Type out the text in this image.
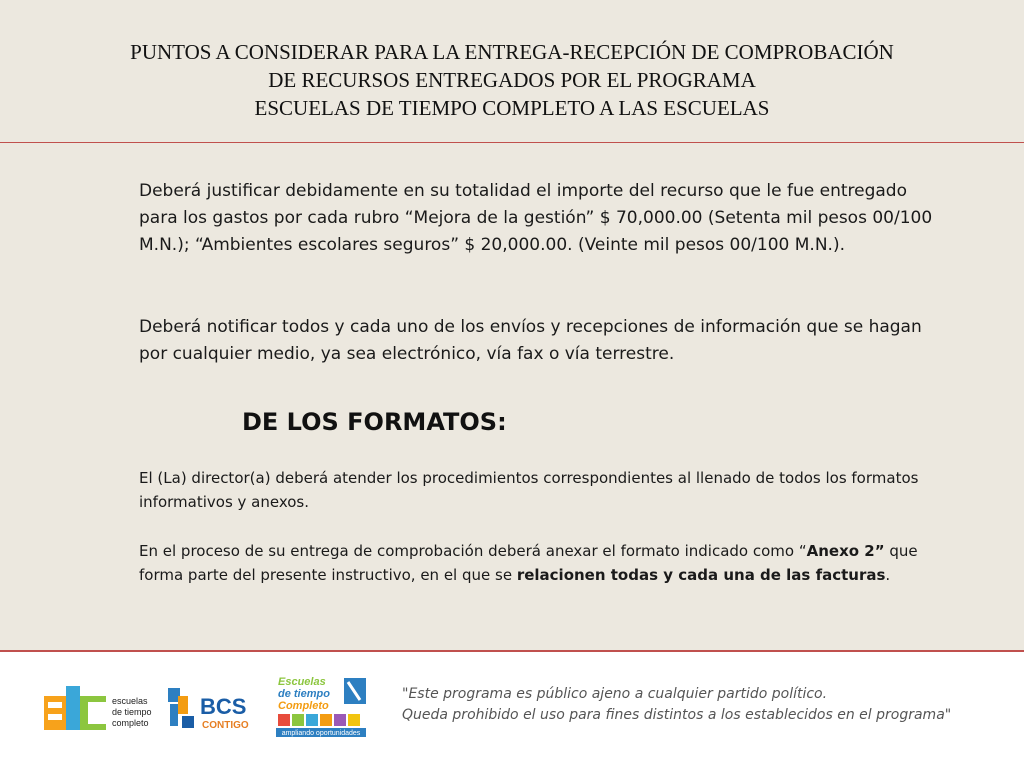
PUNTOS A CONSIDERAR PARA LA ENTREGA-RECEPCIÓN DE COMPROBACIÓN
DE RECURSOS ENTREGADOS POR EL PROGRAMA
ESCUELAS DE TIEMPO COMPLETO A LAS ESCUELAS
Deberá justificar debidamente en su totalidad el importe del recurso que le fue entregado para los gastos por cada rubro “Mejora de la gestión” $ 70,000.00 (Setenta mil pesos 00/100 M.N.); “Ambientes escolares seguros” $ 20,000.00. (Veinte mil pesos 00/100 M.N.).
Deberá notificar todos y cada uno de los envíos y recepciones de información que se hagan por cualquier medio, ya sea electrónico, vía fax o vía terrestre.
DE LOS FORMATOS:
El (La) director(a) deberá atender los procedimientos correspondientes al llenado de todos los formatos informativos y anexos.
En el proceso de su entrega de comprobación deberá anexar el formato indicado como “Anexo 2” que forma parte del presente instructivo, en el que se relacionen todas y cada una de las facturas.
escuelas
de tiempo
completo
BCS
CONTIGO
Escuelas
de tiempo
Completo
ampliando oportunidades
"Este programa es público ajeno a cualquier partido político.
Queda prohibido el uso para fines distintos a los establecidos en el programa"
